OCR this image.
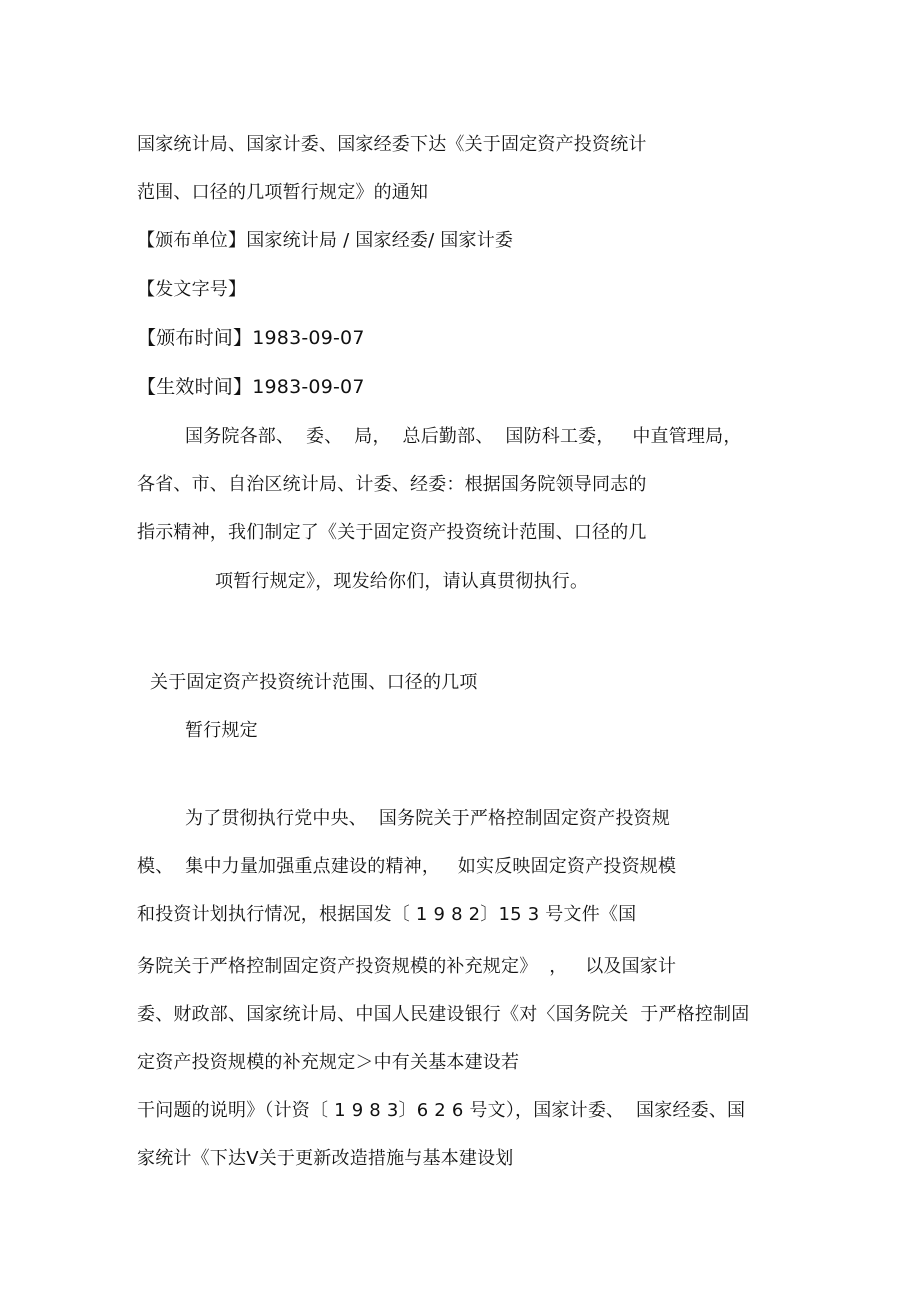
国家统计局、国家计委、国家经委下达《关于固定资产投资统计
范围、口径的几项暂行规定》的通知
【颁布单位】国家统计局 / 国家经委/ 国家计委
【发文字号】
【颁布时间】1983-09-07
【生效时间】1983-09-07
国务院各部、  委、  局，  总后勤部、  国防科工委，   中直管理局，
各省、市、自治区统计局、计委、经委：根据国务院领导同志的
指示精神，我们制定了《关于固定资产投资统计范围、口径的几
项暂行规定》，现发给你们，请认真贯彻执行。
关于固定资产投资统计范围、口径的几项
暂行规定
为了贯彻执行党中央、  国务院关于严格控制固定资产投资规
模、  集中力量加强重点建设的精神，   如实反映固定资产投资规模
和投资计划执行情况，根据国发〔 1 9 8 2〕15 3 号文件《国
务院关于严格控制固定资产投资规模的补充规定》  ，   以及国家计
委、财政部、国家统计局、中国人民建设银行《对〈国务院关  于严格控制固
定资产投资规模的补充规定＞中有关基本建设若
干问题的说明》（计资〔 1 9 8 3〕6 2 6 号文），国家计委、  国家经委、国
家统计《下达Ⅴ关于更新改造措施与基本建设划
